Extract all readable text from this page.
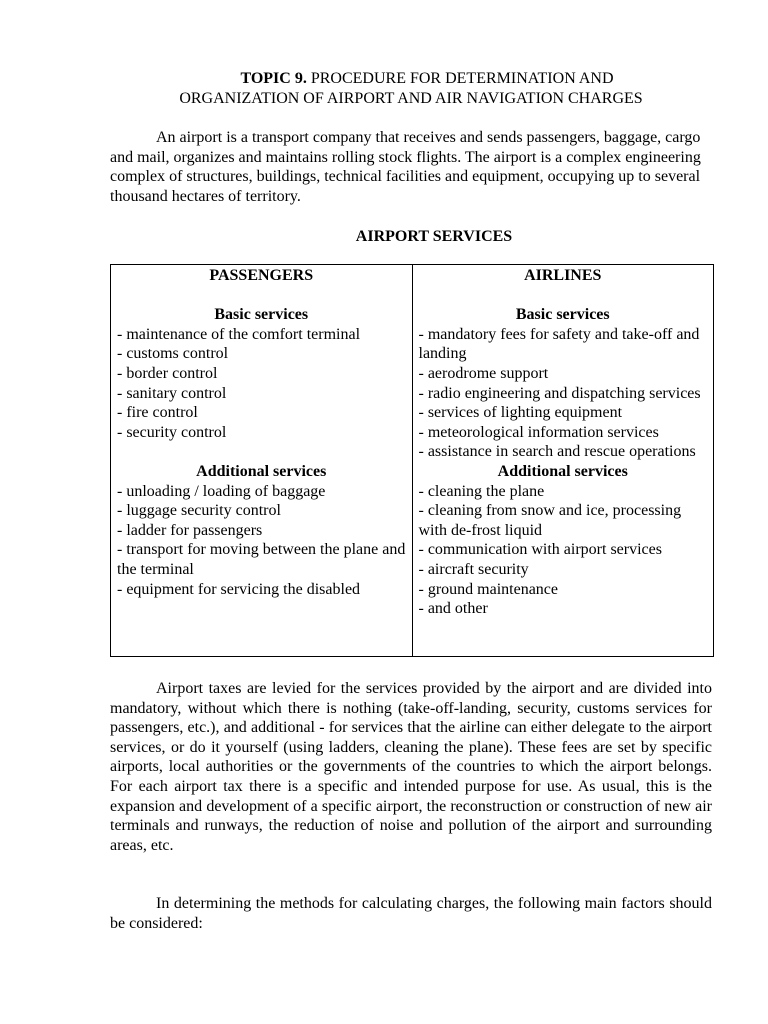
TOPIC 9. PROCEDURE FOR DETERMINATION AND
ORGANIZATION OF AIRPORT AND AIR NAVIGATION CHARGES

An airport is a transport company that receives and sends passengers, baggage, cargo and mail, organizes and maintains rolling stock flights. The airport is a complex engineering complex of structures, buildings, technical facilities and equipment, occupying up to several thousand hectares of territory.

AIRPORT SERVICES
PASSENGERS
Basic services
- maintenance of the comfort terminal
- customs control
- border control
- sanitary control
- fire control
- security control
Additional services
- unloading / loading of baggage
- luggage security control
- ladder for passengers
- transport for moving between the plane and the terminal
- equipment for servicing the disabled

AIRLINES
Basic services
- mandatory fees for safety and take-off and landing
- aerodrome support
- radio engineering and dispatching services
- services of lighting equipment
- meteorological information services
- assistance in search and rescue operations
Additional services
- cleaning the plane
- cleaning from snow and ice, processing with de-frost liquid
- communication with airport services
- aircraft security
- ground maintenance
- and other

Airport taxes are levied for the services provided by the airport and are divided into mandatory, without which there is nothing (take-off-landing, security, customs services for passengers, etc.), and additional - for services that the airline can either delegate to the airport services, or do it yourself (using ladders, cleaning the plane). These fees are set by specific airports, local authorities or the governments of the countries to which the airport belongs. For each airport tax there is a specific and intended purpose for use. As usual, this is the expansion and development of a specific airport, the reconstruction or construction of new air terminals and runways, the reduction of noise and pollution of the airport and surrounding areas, etc.

In determining the methods for calculating charges, the following main factors should be considered:
